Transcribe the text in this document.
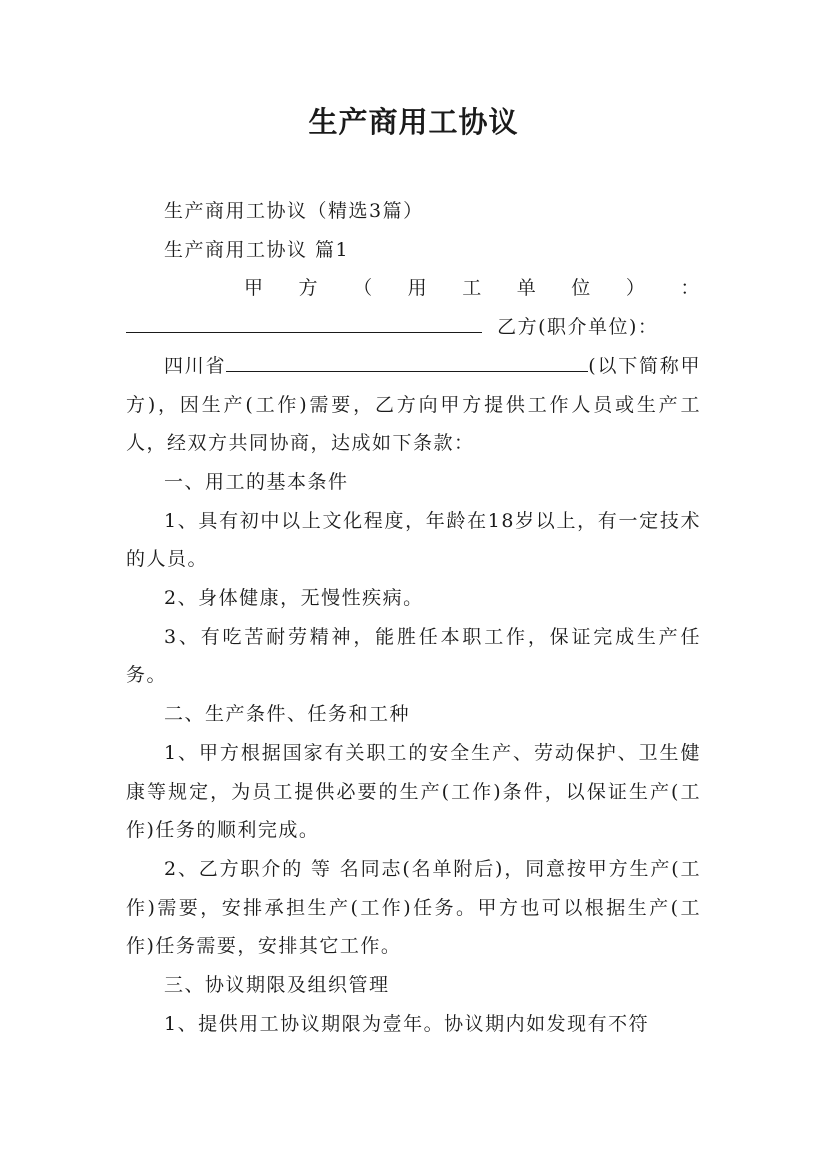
生产商用工协议

生产商用工协议（精选3篇）

生产商用工协议 篇1

甲 方 （ 用 工 单 位 ） ：

乙方(职介单位)：

四川省	(以下简称甲方)，因生产(工作)需要，乙方向甲方提供工作人员或生产工人，经双方共同协商，达成如下条款：

一、用工的基本条件

1、具有初中以上文化程度，年龄在18岁以上，有一定技术的人员。

2、身体健康，无慢性疾病。

3、有吃苦耐劳精神，能胜任本职工作，保证完成生产任务。

二、生产条件、任务和工种

1、甲方根据国家有关职工的安全生产、劳动保护、卫生健康等规定，为员工提供必要的生产(工作)条件，以保证生产(工作)任务的顺利完成。

2、乙方职介的 等 名同志(名单附后)，同意按甲方生产(工作)需要，安排承担生产(工作)任务。甲方也可以根据生产(工作)任务需要，安排其它工作。

三、协议期限及组织管理

1、提供用工协议期限为壹年。协议期内如发现有不符
